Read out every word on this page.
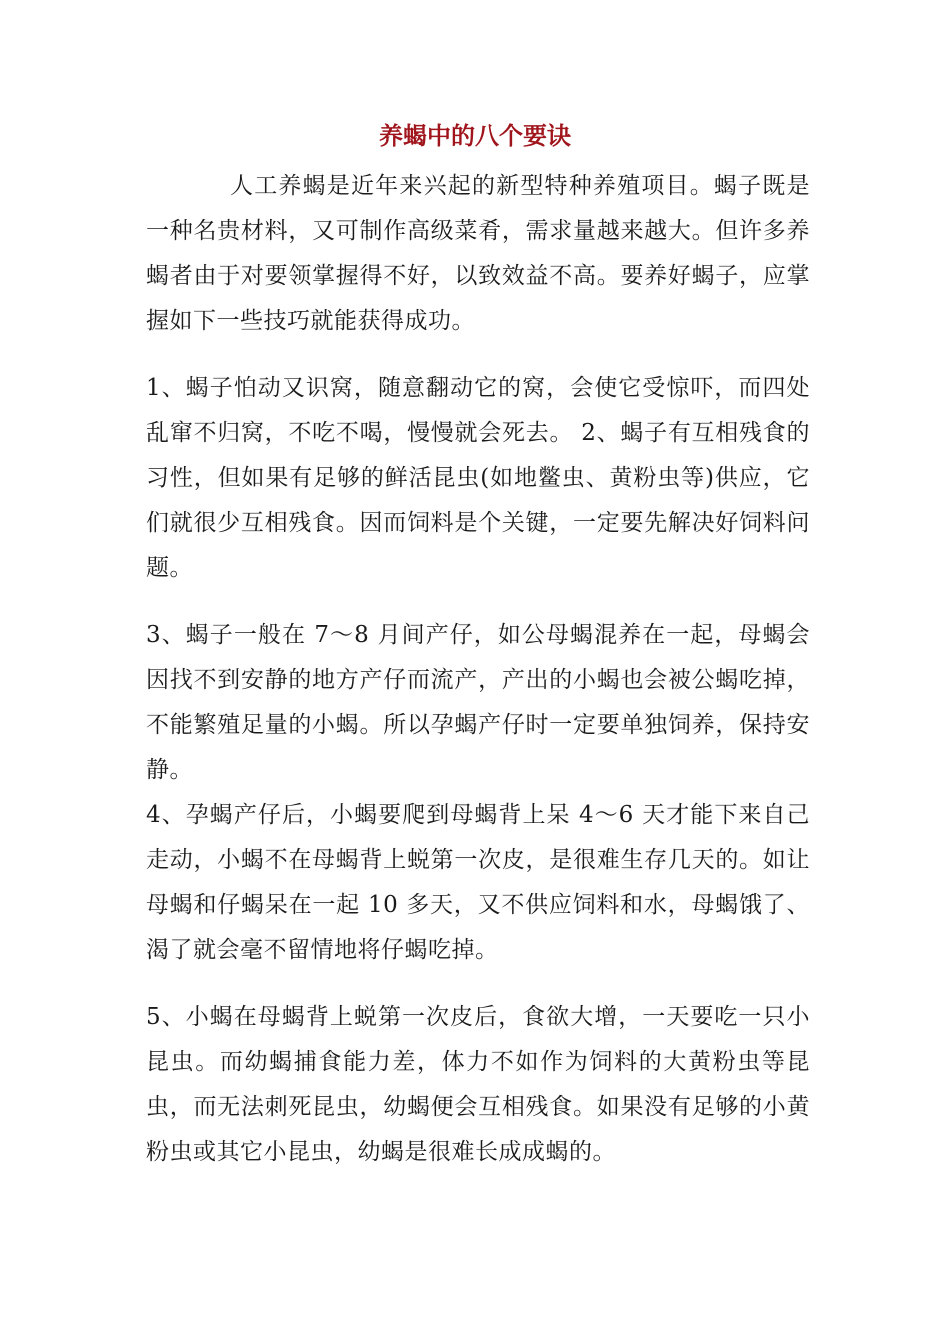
养蝎中的八个要诀

人工养蝎是近年来兴起的新型特种养殖项目。蝎子既是一种名贵材料，又可制作高级菜肴，需求量越来越大。但许多养蝎者由于对要领掌握得不好，以致效益不高。要养好蝎子，应掌握如下一些技巧就能获得成功。

1、蝎子怕动又识窝，随意翻动它的窝，会使它受惊吓，而四处乱窜不归窝，不吃不喝，慢慢就会死去。 2、蝎子有互相残食的习性，但如果有足够的鲜活昆虫(如地鳖虫、黄粉虫等)供应，它们就很少互相残食。因而饲料是个关键，一定要先解决好饲料问题。

3、蝎子一般在 7～8 月间产仔，如公母蝎混养在一起，母蝎会因找不到安静的地方产仔而流产，产出的小蝎也会被公蝎吃掉，不能繁殖足量的小蝎。所以孕蝎产仔时一定要单独饲养，保持安静。

4、孕蝎产仔后，小蝎要爬到母蝎背上呆 4～6 天才能下来自己走动，小蝎不在母蝎背上蜕第一次皮，是很难生存几天的。如让母蝎和仔蝎呆在一起 10 多天，又不供应饲料和水，母蝎饿了、渴了就会毫不留情地将仔蝎吃掉。

5、小蝎在母蝎背上蜕第一次皮后，食欲大增，一天要吃一只小昆虫。而幼蝎捕食能力差，体力不如作为饲料的大黄粉虫等昆虫，而无法刺死昆虫，幼蝎便会互相残食。如果没有足够的小黄粉虫或其它小昆虫，幼蝎是很难长成成蝎的。
